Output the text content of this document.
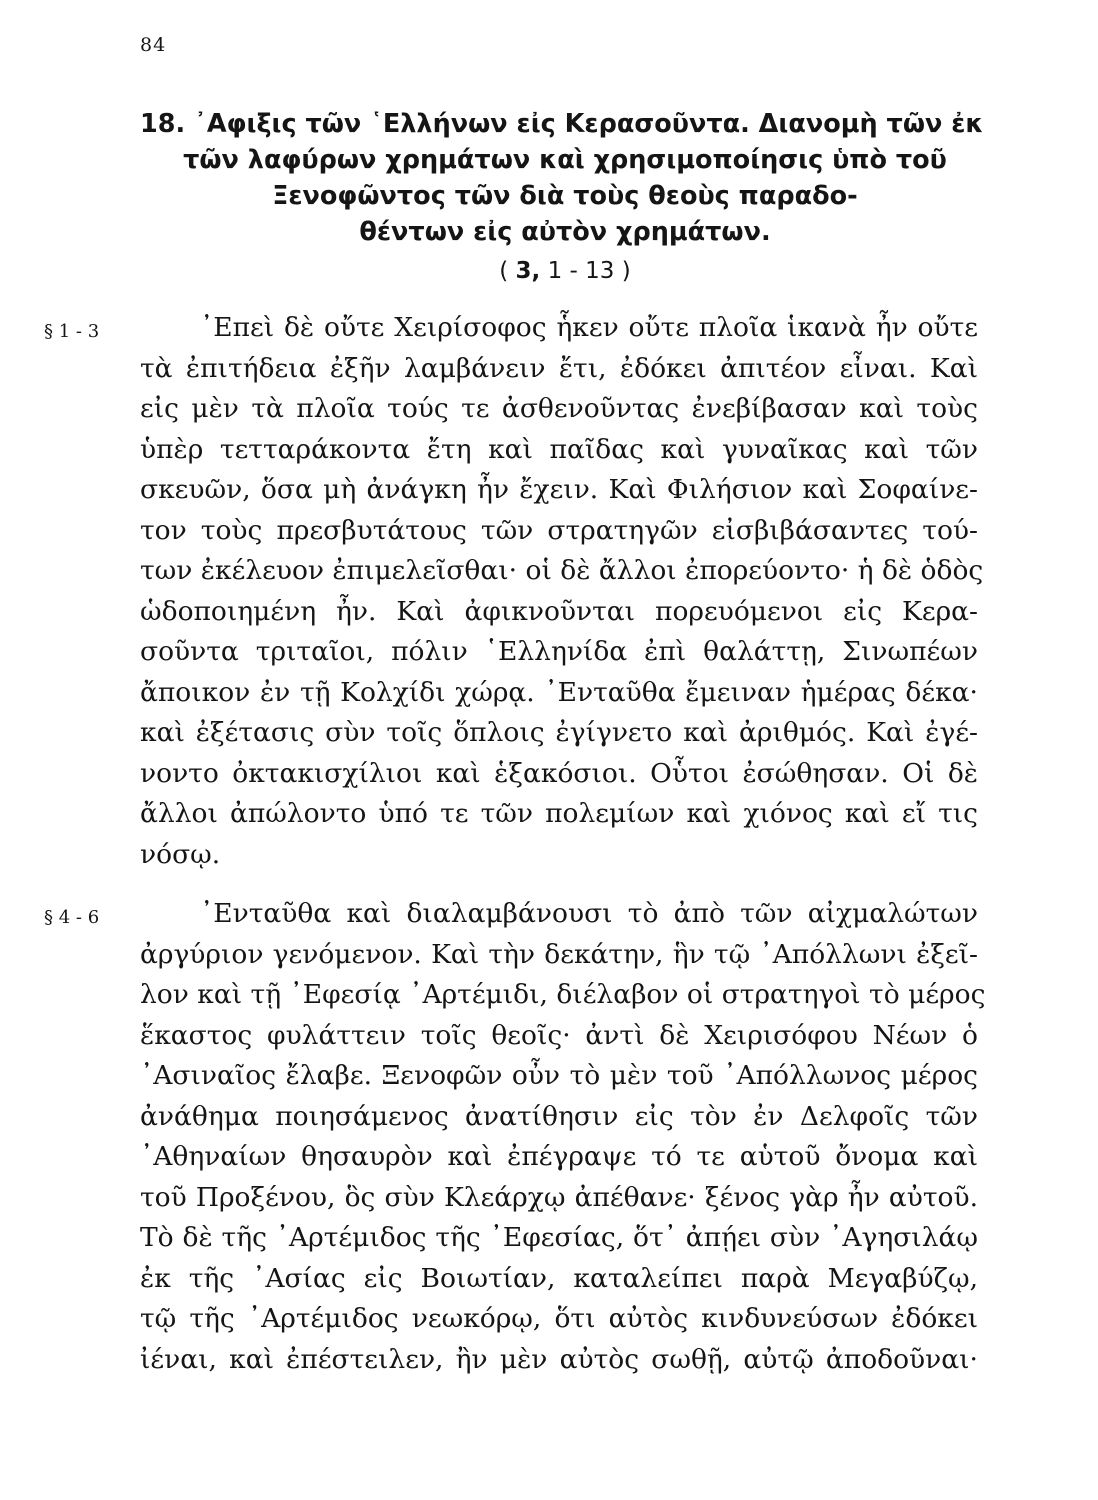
84
18. ᾿Αφιξις τῶν ῾Ελλήνων εἰς Κερασοῦντα. Διανομὴ τῶν ἐκ
τῶν λαφύρων χρημάτων καὶ χρησιμοποίησις ὑπὸ τοῦ
Ξενοφῶντος τῶν διὰ τοὺς θεοὺς παραδο-
θέντων εἰς αὐτὸν χρημάτων.
( 3, 1 - 13 )
§ 1 - 3	᾿Επεὶ δὲ οὔτε Χειρίσοφος ἧκεν οὔτε πλοῖα ἱκανὰ ἦν οὔτε
τὰ ἐπιτήδεια ἐξῆν λαμβάνειν ἔτι, ἐδόκει ἀπιτέον εἶναι. Καὶ
εἰς μὲν τὰ πλοῖα τούς τε ἀσθενοῦντας ἐνεβίβασαν καὶ τοὺς
ὑπὲρ τετταράκοντα ἔτη καὶ παῖδας καὶ γυναῖκας καὶ τῶν
σκευῶν, ὅσα μὴ ἀνάγκη ἦν ἔχειν. Καὶ Φιλήσιον καὶ Σοφαίνε-
τον τοὺς πρεσβυτάτους τῶν στρατηγῶν εἰσβιβάσαντες τού-
των ἐκέλευον ἐπιμελεῖσθαι· οἱ δὲ ἄλλοι ἐπορεύοντο· ἡ δὲ ὁδὸς
ὡδοποιημένη ἦν. Καὶ ἀφικνοῦνται πορευόμενοι εἰς Κερα-
σοῦντα τριταῖοι, πόλιν ῾Ελληνίδα ἐπὶ θαλάττῃ, Σινωπέων
ἄποικον ἐν τῇ Κολχίδι χώρᾳ. ᾿Ενταῦθα ἔμειναν ἡμέρας δέκα·
καὶ ἐξέτασις σὺν τοῖς ὅπλοις ἐγίγνετο καὶ ἀριθμός. Καὶ ἐγέ-
νοντο ὀκτακισχίλιοι καὶ ἑξακόσιοι. Οὗτοι ἐσώθησαν. Οἱ δὲ
ἄλλοι ἀπώλοντο ὑπό τε τῶν πολεμίων καὶ χιόνος καὶ εἴ τις
νόσῳ.
§ 4 - 6	᾿Ενταῦθα καὶ διαλαμβάνουσι τὸ ἀπὸ τῶν αἰχμαλώτων
ἀργύριον γενόμενον. Καὶ τὴν δεκάτην, ἣν τῷ ᾿Απόλλωνι ἐξεῖ-
λον καὶ τῇ ᾿Εφεσίᾳ ᾿Αρτέμιδι, διέλαβον οἱ στρατηγοὶ τὸ μέρος
ἕκαστος φυλάττειν τοῖς θεοῖς· ἀντὶ δὲ Χειρισόφου Νέων ὁ
᾿Ασιναῖος ἔλαβε. Ξενοφῶν οὖν τὸ μὲν τοῦ ᾿Απόλλωνος μέρος
ἀνάθημα ποιησάμενος ἀνατίθησιν εἰς τὸν ἐν Δελφοῖς τῶν
᾿Αθηναίων θησαυρὸν καὶ ἐπέγραψε τό τε αὑτοῦ ὄνομα καὶ
τοῦ Προξένου, ὃς σὺν Κλεάρχῳ ἀπέθανε· ξένος γὰρ ἦν αὐτοῦ.
Τὸ δὲ τῆς ᾿Αρτέμιδος τῆς ᾿Εφεσίας, ὅτ᾿ ἀπῄει σὺν ᾿Αγησιλάῳ
ἐκ τῆς ᾿Ασίας εἰς Βοιωτίαν, καταλείπει παρὰ Μεγαβύζῳ,
τῷ τῆς ᾿Αρτέμιδος νεωκόρῳ, ὅτι αὐτὸς κινδυνεύσων ἐδόκει
ἰέναι, καὶ ἐπέστειλεν, ἢν μὲν αὐτὸς σωθῇ, αὐτῷ ἀποδοῦναι·
